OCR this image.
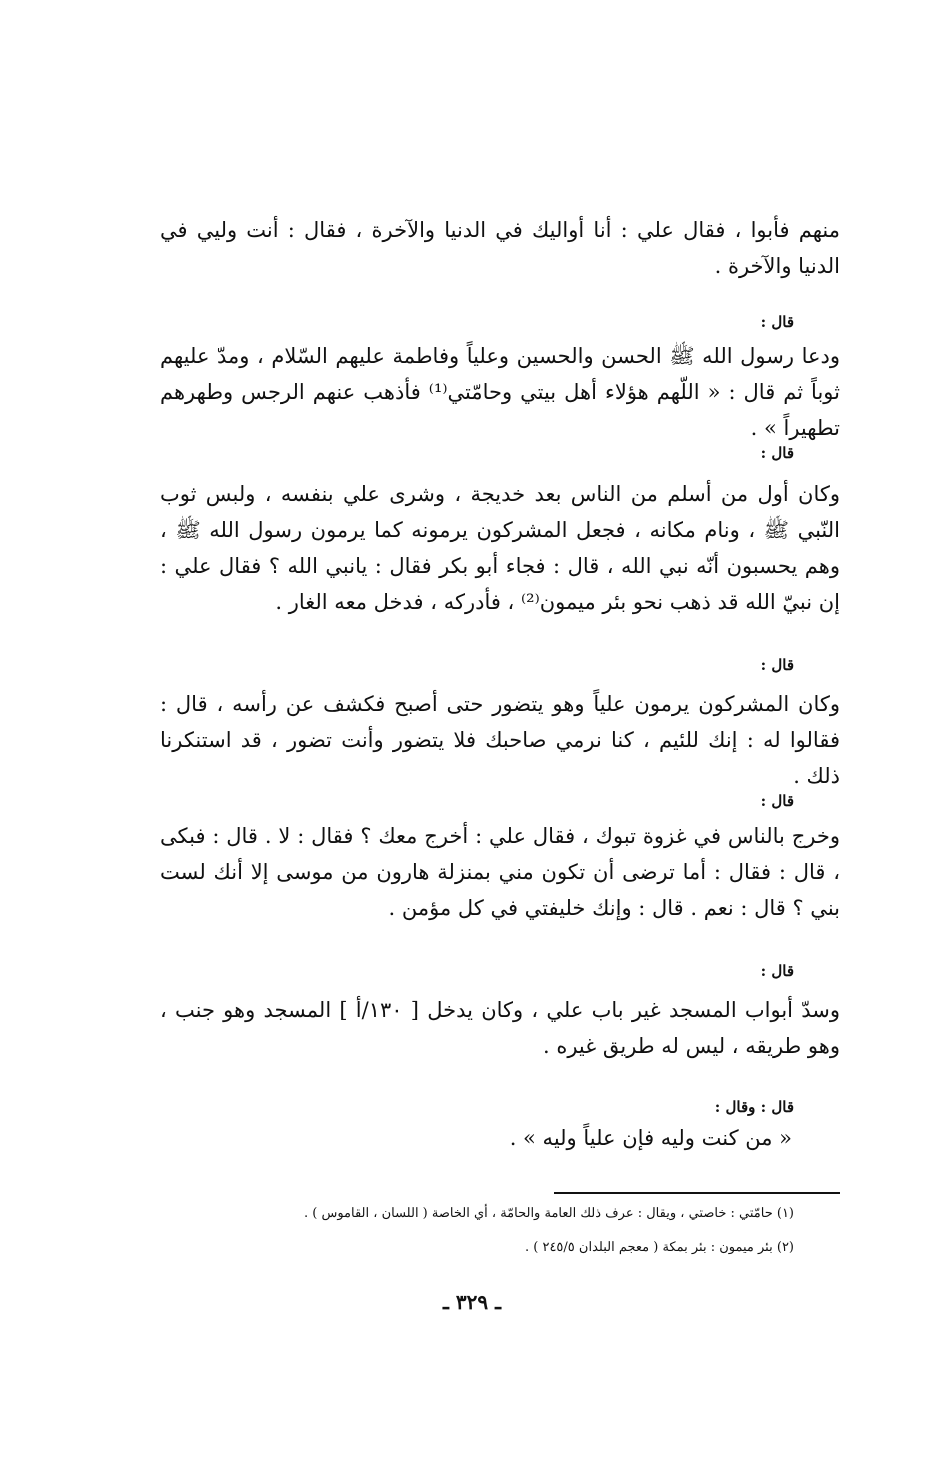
منهم فأبوا ، فقال علي : أنا أواليك في الدنيا والآخرة ، فقال : أنت وليي في الدنيا والآخرة .

قال :

ودعا رسول الله ﷺ الحسن والحسين وعلياً وفاطمة عليهم السّلام ، ومدّ عليهم ثوباً ثم قال : « اللّهم هؤلاء أهل بيتي وحامّتي⁽¹⁾ فأذهب عنهم الرجس وطهرهم تطهيراً » .

قال :

وكان أول من أسلم من الناس بعد خديجة ، وشرى علي بنفسه ، ولبس ثوب النّبي ﷺ ، ونام مكانه ، فجعل المشركون يرمونه كما يرمون رسول الله ﷺ ، وهم يحسبون أنّه نبي الله ، قال : فجاء أبو بكر فقال : يانبي الله ؟ فقال علي : إن نبيّ الله قد ذهب نحو بئر ميمون⁽²⁾ ، فأدركه ، فدخل معه الغار .

قال :

وكان المشركون يرمون علياً وهو يتضور حتى أصبح فكشف عن رأسه ، قال : فقالوا له : إنك للئيم ، كنا نرمي صاحبك فلا يتضور وأنت تضور ، قد استنكرنا ذلك .

قال :

وخرج بالناس في غزوة تبوك ، فقال علي : أخرج معك ؟ فقال : لا . قال : فبكى ، قال : فقال : أما ترضى أن تكون مني بمنزلة هارون من موسى إلا أنك لست بني ؟ قال : نعم . قال : وإنك خليفتي في كل مؤمن .

قال :

وسدّ أبواب المسجد غير باب علي ، وكان يدخل [ ١٣٠/أ ] المسجد وهو جنب ، وهو طريقه ، ليس له طريق غيره .

قال : وقال :

« من كنت وليه فإن علياً وليه » .

(١) حامّتي : خاصتي ، ويقال : عرف ذلك العامة والحامّة ، أي الخاصة ( اللسان ، القاموس ) .

(٢) بئر ميمون : بئر بمكة ( معجم البلدان ٢٤٥/٥ ) .

ـ ٣٢٩ ـ
